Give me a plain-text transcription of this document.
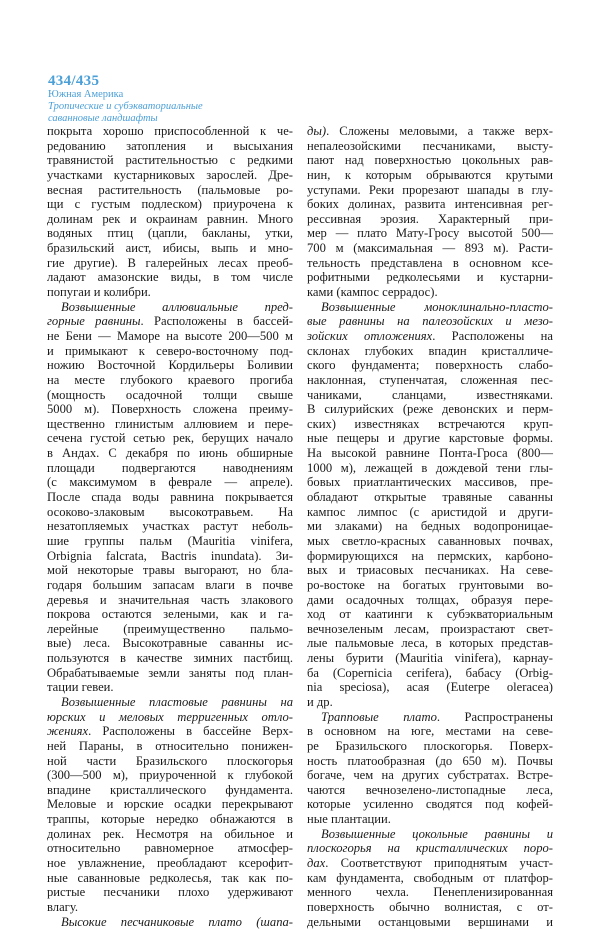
434/435
Южная Америка
Тропические и субэкваториальные
саванновые ландшафты
покрыта хорошо приспособленной к че-
редованию затопления и высыхания
травянистой растительностью с редкими
участками кустарниковых зарослей. Дре-
весная растительность (пальмовые ро-
щи с густым подлеском) приурочена к
долинам рек и окраинам равнин. Много
водяных птиц (цапли, бакланы, утки,
бразильский аист, ибисы, выпь и мно-
гие другие). В галерейных лесах преоб-
ладают амазонские виды, в том числе
попугаи и колибри.
Возвышенные аллювиальные пред-
горные равнины. Расположены в бассей-
не Бени — Маморе на высоте 200—500 м
и примыкают к северо-восточному под-
ножию Восточной Кордильеры Боливии
на месте глубокого краевого прогиба
(мощность осадочной толщи свыше
5000 м). Поверхность сложена преиму-
щественно глинистым аллювием и пере-
сечена густой сетью рек, берущих начало
в Андах. С декабря по июнь обширные
площади подвергаются наводнениям
(с максимумом в феврале — апреле).
После спада воды равнина покрывается
осоково-злаковым высокотравьем. На
незатопляемых участках растут неболь-
шие группы пальм (Mauritia vinifera,
Orbignia falcrata, Bactris inundata). Зи-
мой некоторые травы выгорают, но бла-
годаря большим запасам влаги в почве
деревья и значительная часть злакового
покрова остаются зелеными, как и га-
лерейные (преимущественно пальмо-
вые) леса. Высокотравные саванны ис-
пользуются в качестве зимних пастбищ.
Обрабатываемые земли заняты под план-
тации гевеи.
Возвышенные пластовые равнины на
юрских и меловых терригенных отло-
жениях. Расположены в бассейне Верх-
ней Параны, в относительно понижен-
ной части Бразильского плоскогорья
(300—500 м), приуроченной к глубокой
впадине кристаллического фундамента.
Меловые и юрские осадки перекрывают
траппы, которые нередко обнажаются в
долинах рек. Несмотря на обильное и
относительно равномерное атмосфер-
ное увлажнение, преобладают ксерофит-
ные саванновые редколесья, так как по-
ристые песчаники плохо удерживают
влагу.
Высокие песчаниковые плато (шапа-
ды). Сложены меловыми, а также верх-
непалеозойскими песчаниками, высту-
пают над поверхностью цокольных рав-
нин, к которым обрываются крутыми
уступами. Реки прорезают шапады в глу-
боких долинах, развита интенсивная рег-
рессивная эрозия. Характерный при-
мер — плато Мату-Гросу высотой 500—
700 м (максимальная — 893 м). Расти-
тельность представлена в основном ксе-
рофитными редколесьями и кустарни-
ками (кампос серрадос).
Возвышенные моноклинально-пласто-
вые равнины на палеозойских и мезо-
зойских отложениях. Расположены на
склонах глубоких впадин кристалличе-
ского фундамента; поверхность слабо-
наклонная, ступенчатая, сложенная пес-
чаниками, сланцами, известняками.
В силурийских (реже девонских и перм-
ских) известняках встречаются круп-
ные пещеры и другие карстовые формы.
На высокой равнине Понта-Гроса (800—
1000 м), лежащей в дождевой тени глы-
бовых приатлантических массивов, пре-
обладают открытые травяные саванны
кампос лимпос (с аристидой и други-
ми злаками) на бедных водопроницае-
мых светло-красных саванновых почвах,
формирующихся на пермских, карбоно-
вых и триасовых песчаниках. На севе-
ро-востоке на богатых грунтовыми во-
дами осадочных толщах, образуя пере-
ход от каатинги к субэкваториальным
вечнозеленым лесам, произрастают свет-
лые пальмовые леса, в которых представ-
лены бурити (Mauritia vinifera), карнау-
ба (Copernicia cerifera), бабасу (Orbig-
nia speciosa), асая (Euterpe oleracea)
и др.
Трапповые плато. Распространены
в основном на юге, местами на севе-
ре Бразильского плоскогорья. Поверх-
ность платообразная (до 650 м). Почвы
богаче, чем на других субстратах. Встре-
чаются вечнозелено-листопадные леса,
которые усиленно сводятся под кофей-
ные плантации.
Возвышенные цокольные равнины и
плоскогорья на кристаллических поро-
дах. Соответствуют приподнятым участ-
кам фундамента, свободным от платфор-
менного чехла. Пенепленизированная
поверхность обычно волнистая, с от-
дельными останцовыми вершинами и
